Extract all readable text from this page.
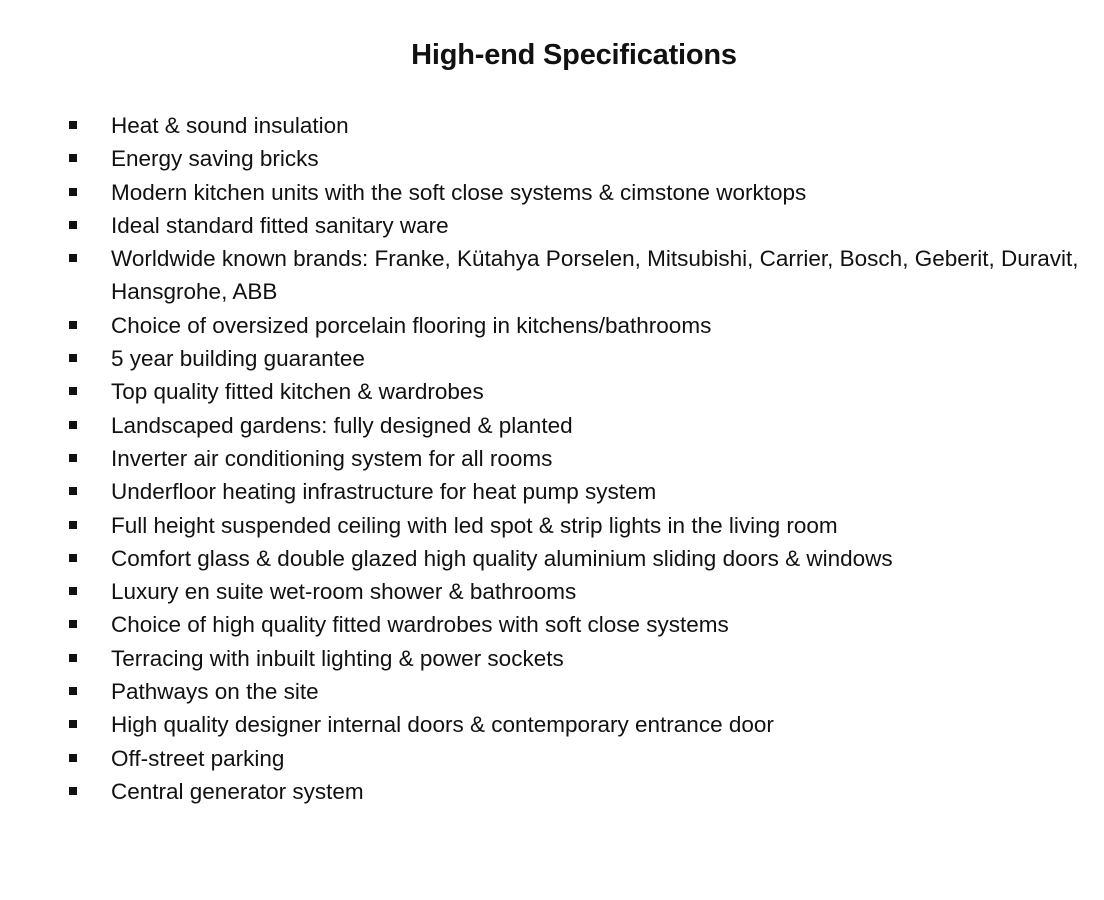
High-end Specifications
Heat & sound insulation
Energy saving bricks
Modern kitchen units with the soft close systems & cimstone worktops
Ideal standard fitted sanitary ware
Worldwide known brands: Franke, Kütahya Porselen, Mitsubishi, Carrier, Bosch, Geberit, Duravit, Hansgrohe, ABB
Choice of oversized porcelain flooring in kitchens/bathrooms
5 year building guarantee
Top quality fitted kitchen & wardrobes
Landscaped gardens: fully designed & planted
Inverter air conditioning system for all rooms
Underfloor heating infrastructure for heat pump system
Full height suspended ceiling with led spot & strip lights in the living room
Comfort glass & double glazed high quality aluminium sliding doors & windows
Luxury en suite wet-room shower & bathrooms
Choice of high quality fitted wardrobes with soft close systems
Terracing with inbuilt lighting & power sockets
Pathways on the site
High quality designer internal doors & contemporary entrance door
Off-street parking
Central generator system
